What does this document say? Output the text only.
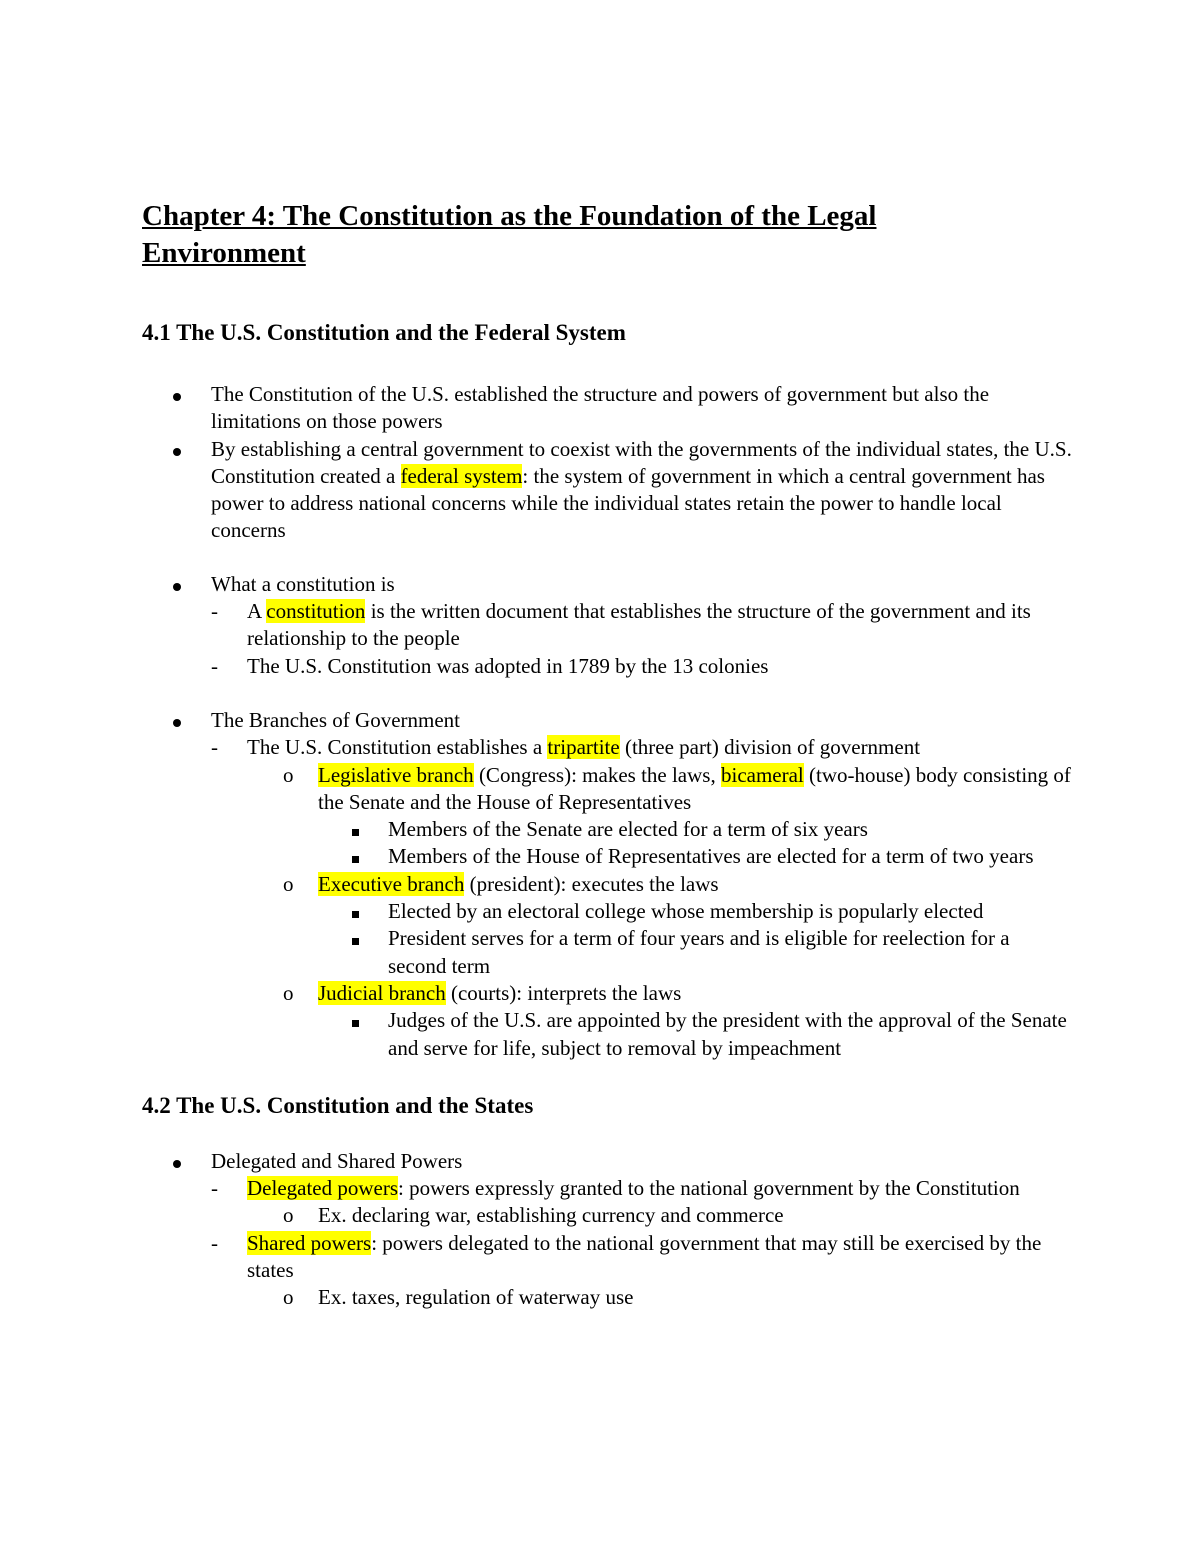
Chapter 4: The Constitution as the Foundation of the Legal
Environment
4.1 The U.S. Constitution and the Federal System
The Constitution of the U.S. established the structure and powers of government but also the limitations on those powers
By establishing a central government to coexist with the governments of the individual states, the U.S. Constitution created a federal system: the system of government in which a central government has power to address national concerns while the individual states retain the power to handle local concerns
What a constitution is
- A constitution is the written document that establishes the structure of the government and its relationship to the people
- The U.S. Constitution was adopted in 1789 by the 13 colonies
The Branches of Government
- The U.S. Constitution establishes a tripartite (three part) division of government
o Legislative branch (Congress): makes the laws, bicameral (two-house) body consisting of the Senate and the House of Representatives
Members of the Senate are elected for a term of six years
Members of the House of Representatives are elected for a term of two years
o Executive branch (president): executes the laws
Elected by an electoral college whose membership is popularly elected
President serves for a term of four years and is eligible for reelection for a second term
o Judicial branch (courts): interprets the laws
Judges of the U.S. are appointed by the president with the approval of the Senate and serve for life, subject to removal by impeachment
4.2 The U.S. Constitution and the States
Delegated and Shared Powers
- Delegated powers: powers expressly granted to the national government by the Constitution
o Ex. declaring war, establishing currency and commerce
- Shared powers: powers delegated to the national government that may still be exercised by the states
o Ex. taxes, regulation of waterway use
